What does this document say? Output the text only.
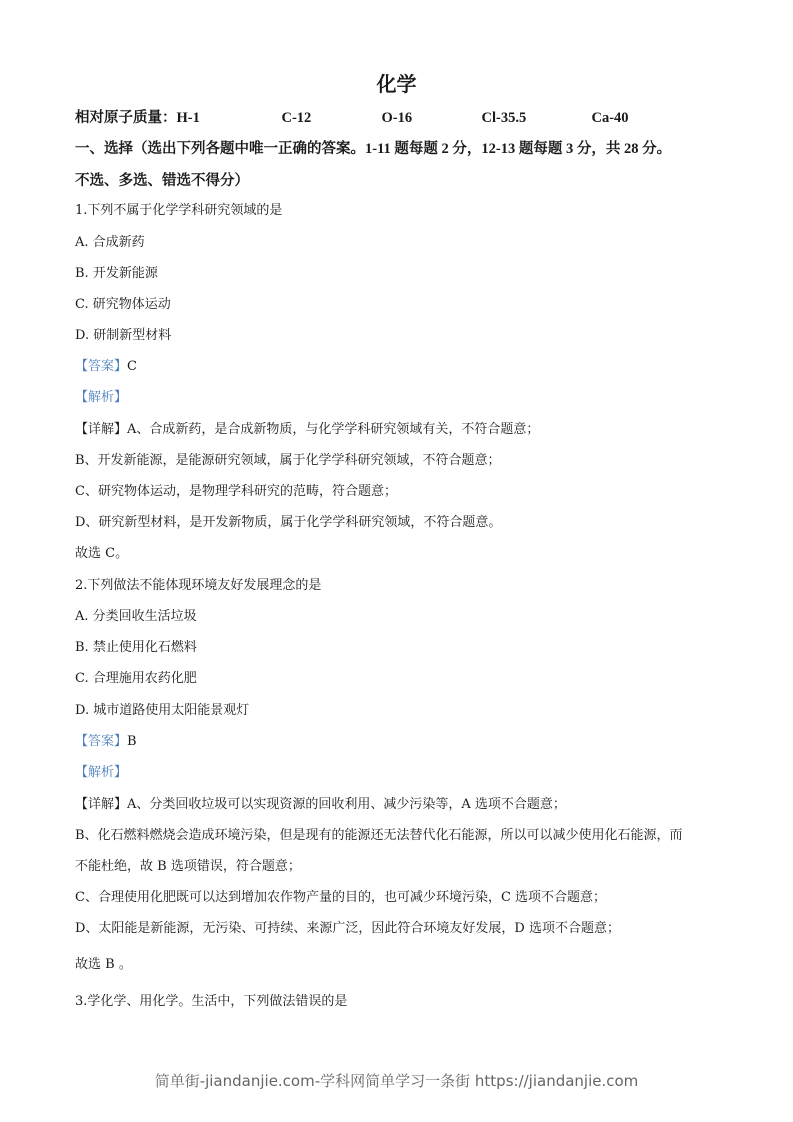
化学
相对原子质量：H-1	C-12	O-16	Cl-35.5	Ca-40
一、选择（选出下列各题中唯一正确的答案。1-11 题每题 2 分，12-13 题每题 3 分，共 28 分。
不选、多选、错选不得分）
1.下列不属于化学学科研究领域的是
A. 合成新药
B. 开发新能源
C. 研究物体运动
D. 研制新型材料
【答案】C
【解析】
【详解】A、合成新药，是合成新物质，与化学学科研究领域有关，不符合题意；
B、开发新能源，是能源研究领域，属于化学学科研究领域，不符合题意；
C、研究物体运动，是物理学科研究的范畴，符合题意；
D、研究新型材料，是开发新物质，属于化学学科研究领域，不符合题意。
故选 C。
2.下列做法不能体现环境友好发展理念的是
A. 分类回收生活垃圾
B. 禁止使用化石燃料
C. 合理施用农药化肥
D. 城市道路使用太阳能景观灯
【答案】B
【解析】
【详解】A、分类回收垃圾可以实现资源的回收利用、减少污染等，A 选项不合题意；
B、化石燃料燃烧会造成环境污染，但是现有的能源还无法替代化石能源，所以可以减少使用化石能源，而
不能杜绝，故 B 选项错误，符合题意；
C、合理使用化肥既可以达到增加农作物产量的目的，也可减少环境污染，C 选项不合题意；
D、太阳能是新能源，无污染、可持续、来源广泛，因此符合环境友好发展，D 选项不合题意；
故选 B 。
3.学化学、用化学。生活中，下列做法错误的是
简单街-jiandanjie.com-学科网简单学习一条街 https://jiandanjie.com
